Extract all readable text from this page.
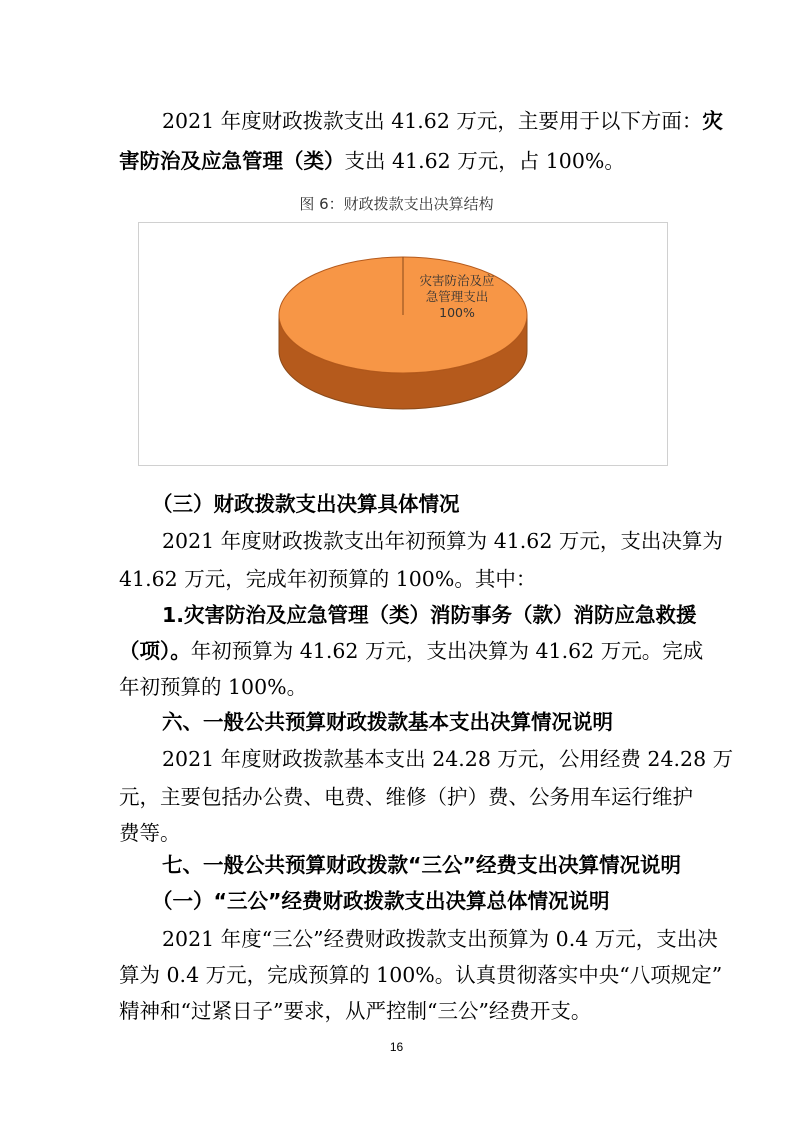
2021 年度财政拨款支出 41.62 万元，主要用于以下方面：灾
害防治及应急管理（类）支出 41.62 万元，占 100%。
图 6：财政拨款支出决算结构
灾害防治及应
急管理支出
100%
（三）财政拨款支出决算具体情况
2021 年度财政拨款支出年初预算为 41.62 万元，支出决算为
41.62 万元，完成年初预算的 100%。其中：
1.灾害防治及应急管理（类）消防事务（款）消防应急救援
（项）。年初预算为 41.62 万元，支出决算为 41.62 万元。完成
年初预算的 100%。
六、一般公共预算财政拨款基本支出决算情况说明
2021 年度财政拨款基本支出 24.28 万元，公用经费 24.28 万
元，主要包括办公费、电费、维修（护）费、公务用车运行维护
费等。
七、一般公共预算财政拨款“三公”经费支出决算情况说明
（一）“三公”经费财政拨款支出决算总体情况说明
2021 年度“三公”经费财政拨款支出预算为 0.4 万元，支出决
算为 0.4 万元，完成预算的 100%。认真贯彻落实中央“八项规定”
精神和“过紧日子”要求，从严控制“三公”经费开支。
16
